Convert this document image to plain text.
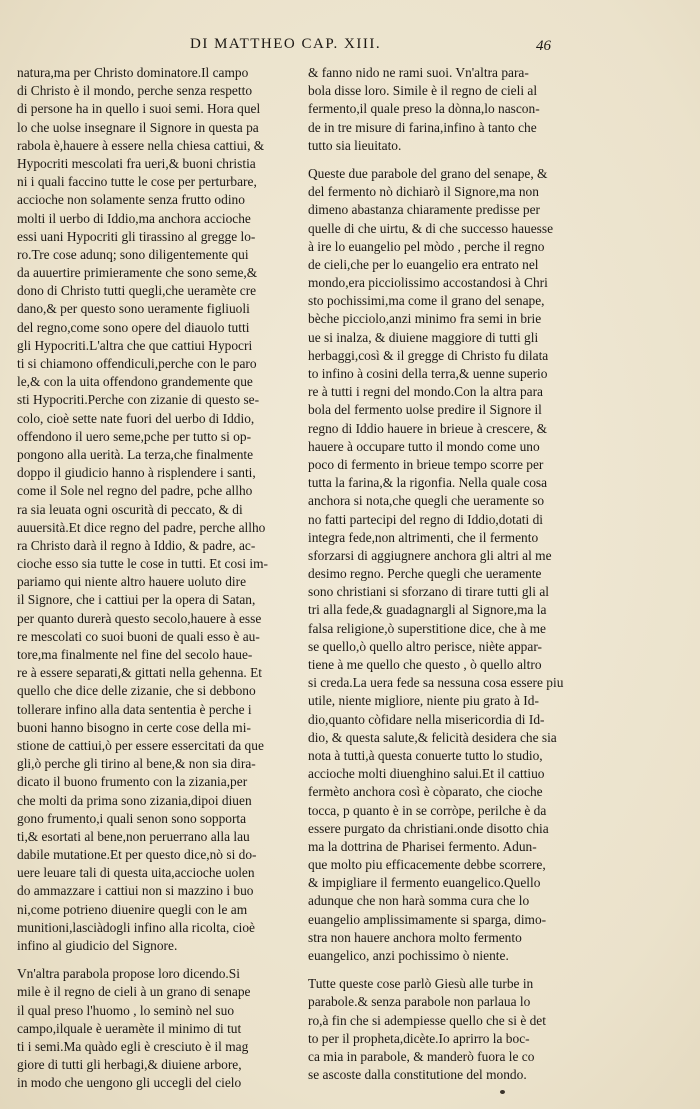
DI MATTHEO CAP. XIII.	46
natura,ma per Christo dominatore.Il campo
di Christo è il mondo, perche senza respetto
di persone ha in quello i suoi semi. Hora quel
lo che uolse insegnare il Signore in questa pa
rabola è,hauere à essere nella chiesa cattiui, &
Hypocriti mescolati fra ueri,& buoni christia
ni i quali faccino tutte le cose per perturbare,
accioche non solamente senza frutto odino
molti il uerbo di Iddio,ma anchora accioche
essi uani Hypocriti gli tirassino al gregge lo-
ro.Tre cose adunq; sono diligentemente qui
da auuertire primieramente che sono seme,&
dono di Christo tutti quegli,che ueramète cre
dano,& per questo sono ueramente figliuoli
del regno,come sono opere del diauolo tutti
gli Hypocriti.L'altra che que cattiui Hypocri
ti si chiamono offendiculi,perche con le paro
le,& con la uita offendono grandemente que
sti Hypocriti.Perche con zizanie di questo se-
colo, cioè sette nate fuori del uerbo di Iddio,
offendono il uero seme,pche per tutto si op-
pongono alla uerità. La terza,che finalmente
doppo il giudicio hanno à risplendere i santi,
come il Sole nel regno del padre, pche allho
ra sia leuata ogni oscurità di peccato, & di
auuersità.Et dice regno del padre, perche allho
ra Christo darà il regno à Iddio, & padre, ac-
cioche esso sia tutte le cose in tutti. Et cosi im-
pariamo qui niente altro hauere uoluto dire
il Signore, che i cattiui per la opera di Satan,
per quanto durerà questo secolo,hauere à esse
re mescolati co suoi buoni de quali esso è au-
tore,ma finalmente nel fine del secolo haue-
re à essere separati,& gittati nella gehenna. Et
quello che dice delle zizanie, che si debbono
tollerare infino alla data sententia è perche i
buoni hanno bisogno in certe cose della mi-
stione de cattiui,ò per essere essercitati da que
gli,ò perche gli tirino al bene,& non sia dira-
dicato il buono frumento con la zizania,per
che molti da prima sono zizania,dipoi diuen
gono frumento,i quali senon sono sopporta
ti,& esortati al bene,non peruerrano alla lau
dabile mutatione.Et per questo dice,nò si do-
uere leuare tali di questa uita,accioche uolen
do ammazzare i cattiui non si mazzino i buo
ni,come potrieno diuenire quegli con le am
munitioni,lasciàdogli infino alla ricolta, cioè
infino al giudicio del Signore.
Vn'altra parabola propose loro dicendo.Si
mile è il regno de cieli à un grano di senape
il qual preso l'huomo , lo seminò nel suo
campo,ilquale è ueramète il minimo di tut
ti i semi.Ma quàdo egli è cresciuto è il mag
giore di tutti gli herbagi,& diuiene arbore,
in modo che uengono gli uccegli del cielo
& fanno nido ne rami suoi. Vn'altra para-
bola disse loro. Simile è il regno de cieli al
fermento,il quale preso la dònna,lo nascon-
de in tre misure di farina,infino à tanto che
tutto sia lieuitato.
Queste due parabole del grano del senape, &
del fermento nò dichiarò il Signore,ma non
dimeno abastanza chiaramente predisse per
quelle di che uirtu, & di che successo hauesse
à ire lo euangelio pel mòdo , perche il regno
de cieli,che per lo euangelio era entrato nel
mondo,era picciolissimo accostandosi à Chri
sto pochissimi,ma come il grano del senape,
bèche picciolo,anzi minimo fra semi in brie
ue si inalza, & diuiene maggiore di tutti gli
herbaggi,così & il gregge di Christo fu dilata
to infino à cosini della terra,& uenne superio
re à tutti i regni del mondo.Con la altra para
bola del fermento uolse predire il Signore il
regno di Iddio hauere in brieue à crescere, &
hauere à occupare tutto il mondo come uno
poco di fermento in brieue tempo scorre per
tutta la farina,& la rigonfia. Nella quale cosa
anchora si nota,che quegli che ueramente so
no fatti partecipi del regno di Iddio,dotati di
integra fede,non altrimenti, che il fermento
sforzarsi di aggiugnere anchora gli altri al me
desimo regno. Perche quegli che ueramente
sono christiani si sforzano di tirare tutti gli al
tri alla fede,& guadagnargli al Signore,ma la
falsa religione,ò superstitione dice, che à me
se quello,ò quello altro perisce, niète appar-
tiene à me quello che questo , ò quello altro
si creda.La uera fede sa nessuna cosa essere piu
utile, niente migliore, niente piu grato à Id-
dio,quanto còfidare nella misericordia di Id-
dio, & questa salute,& felicità desidera che sia
nota à tutti,à questa conuerte tutto lo studio,
accioche molti diuenghino salui.Et il cattiuo
fermèto anchora così è còparato, che cioche
tocca, p quanto è in se corròpe, perilche è da
essere purgato da christiani.onde disotto chia
ma la dottrina de Pharisei fermento. Adun-
que molto piu efficacemente debbe scorrere,
& impigliare il fermento euangelico.Quello
adunque che non harà somma cura che lo
euangelio amplissimamente si sparga, dimo-
stra non hauere anchora molto fermento
euangelico, anzi pochissimo ò niente.
Tutte queste cose parlò Giesù alle turbe in
parabole.& senza parabole non parlaua lo
ro,à fin che si adempiesse quello che si è det
to per il propheta,dicète.Io aprirro la boc-
ca mia in parabole, & manderò fuora le co
se ascoste dalla constitutione del mondo.
